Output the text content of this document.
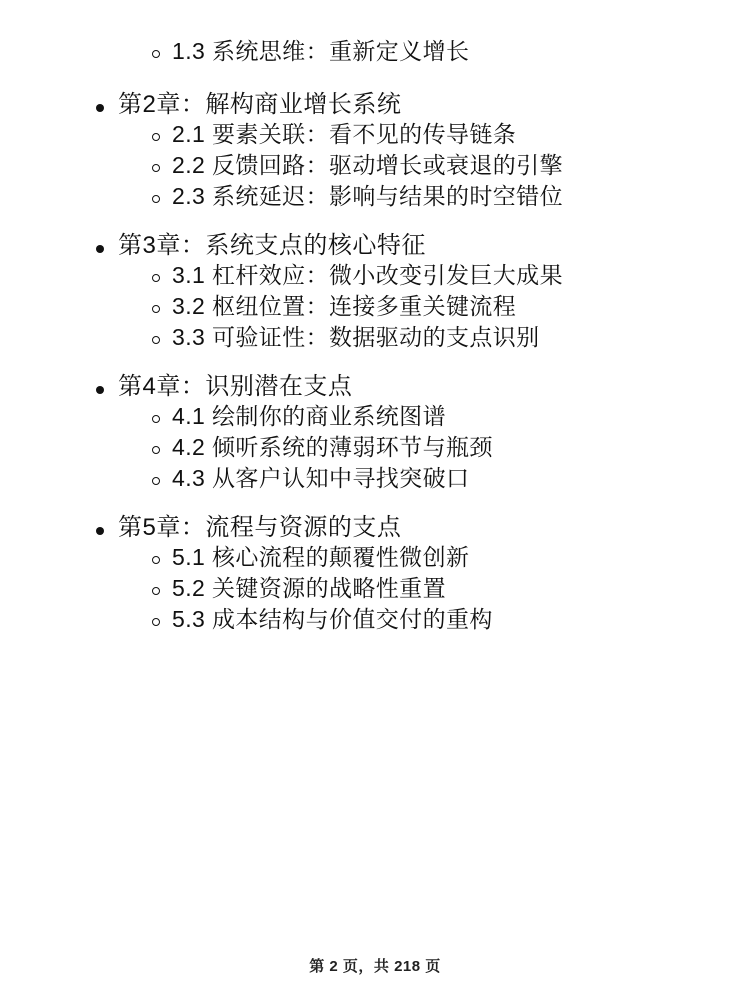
1.3 系统思维：重新定义增长
第2章：解构商业增长系统
2.1 要素关联：看不见的传导链条
2.2 反馈回路：驱动增长或衰退的引擎
2.3 系统延迟：影响与结果的时空错位
第3章：系统支点的核心特征
3.1 杠杆效应：微小改变引发巨大成果
3.2 枢纽位置：连接多重关键流程
3.3 可验证性：数据驱动的支点识别
第4章：识别潜在支点
4.1 绘制你的商业系统图谱
4.2 倾听系统的薄弱环节与瓶颈
4.3 从客户认知中寻找突破口
第5章：流程与资源的支点
5.1 核心流程的颠覆性微创新
5.2 关键资源的战略性重置
5.3 成本结构与价值交付的重构
第 2 页，共 218 页
